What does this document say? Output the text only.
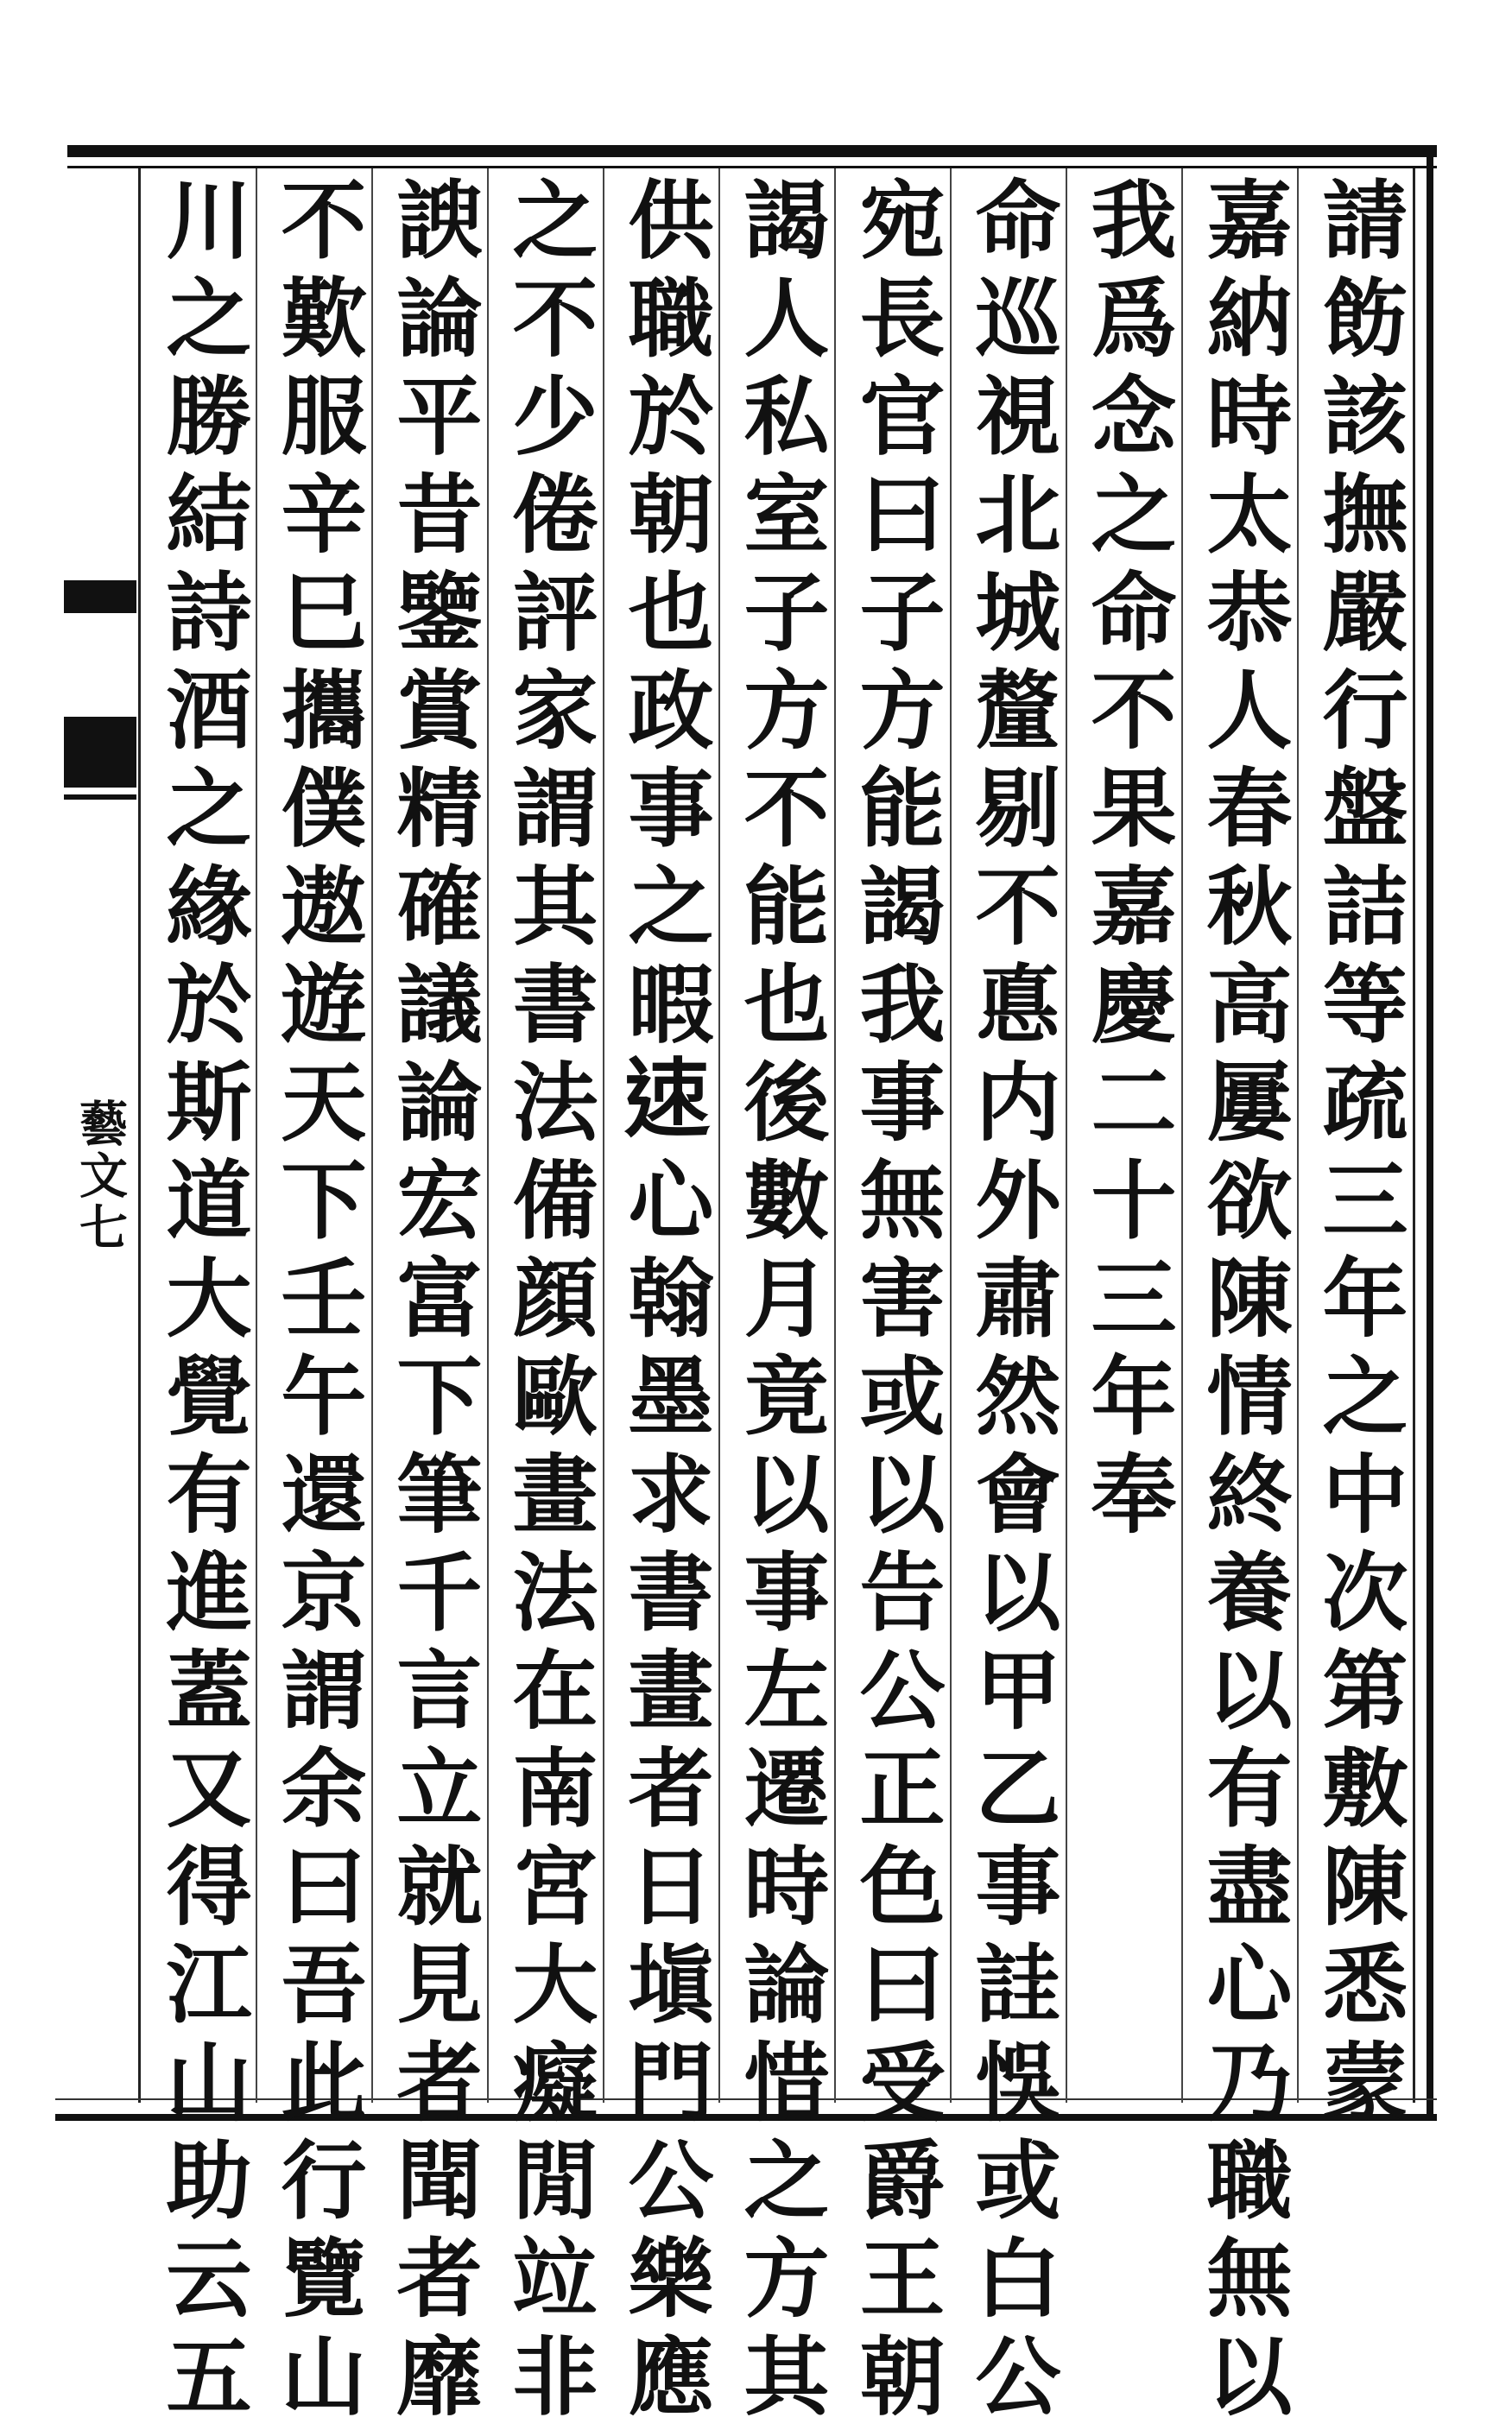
藝文七	請飭該撫嚴行盤詰等疏三年之中次第敷陳悉蒙
嘉納時太恭人春秋高屢欲陳情終養以有盡心乃職無以
我爲念之命不果嘉慶二十三年奉
命巡視北城釐剔不悳内外肅然會以甲乙事詿悞或白公
宛長官曰子方能謁我事無害或以告公正色曰受爵王朝
謁人私室子方不能也後數月竟以事左遷時論惜之方其
供職於朝也政事之暇𨒪心翰墨求書畫者日塡門公樂應
之不少倦評家謂其書法備顔歐畫法在南宮大癡閒竝非
諛論平昔鑒賞精確議論宏富下筆千言立就見者聞者靡
不歎服辛巳攜僕遨遊天下壬午還京謂余曰吾此行覽山
川之勝結詩酒之緣於斯道大覺有進蓋又得江山助云五
